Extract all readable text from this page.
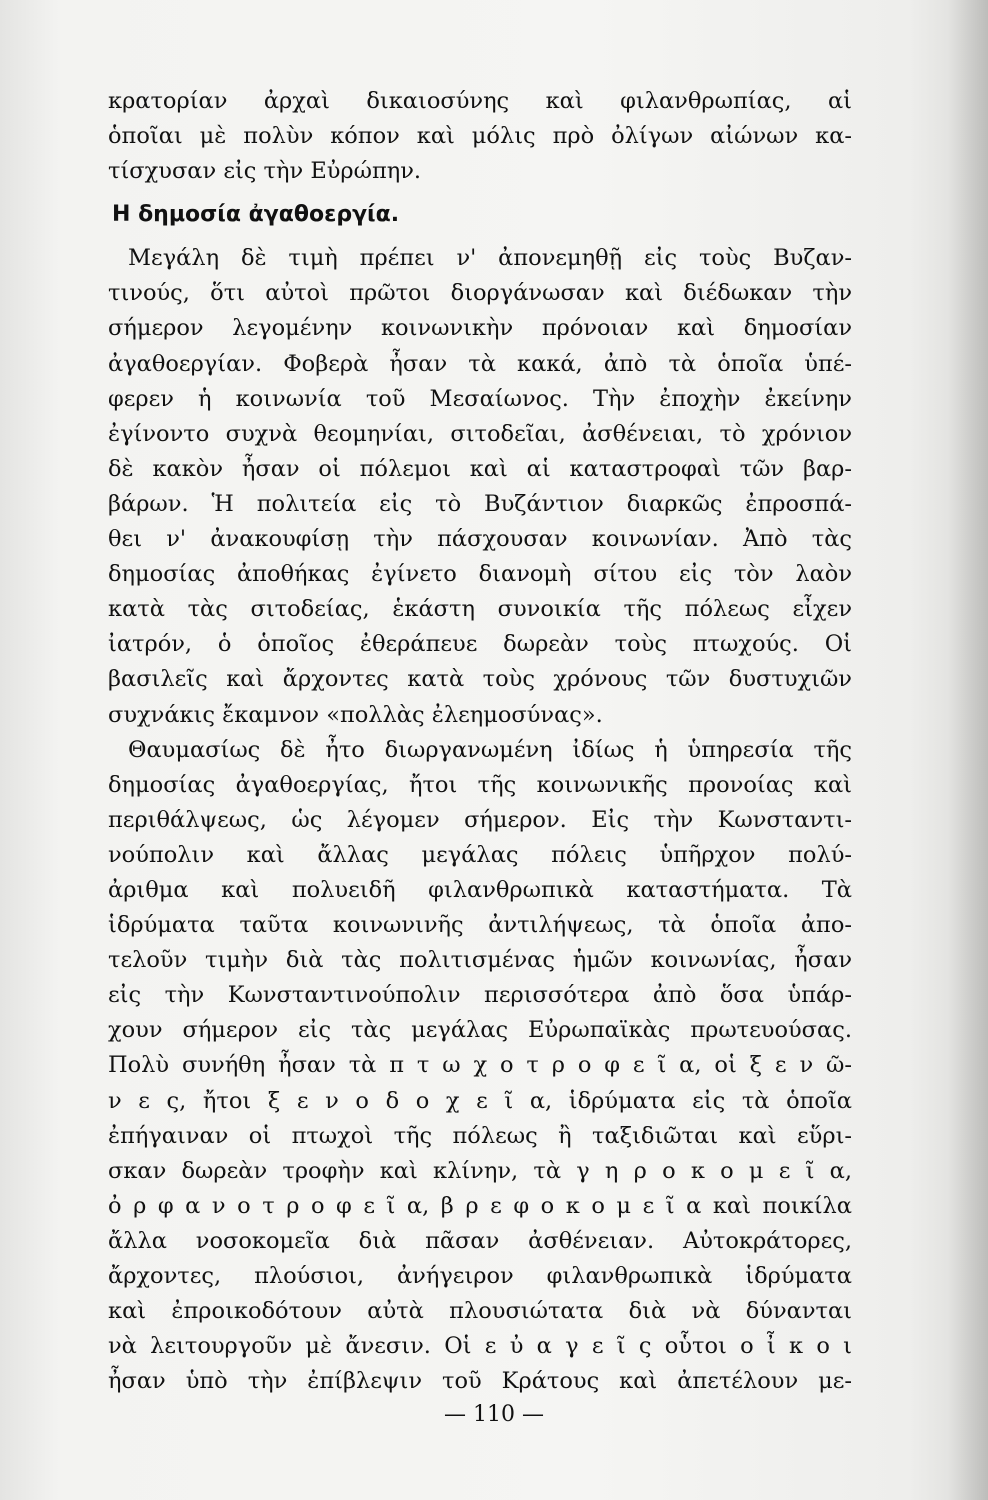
κρατορίαν ἀρχαὶ δικαιοσύνης καὶ φιλανθρωπίας, αἱ
ὁποῖαι μὲ πολὺν κόπον καὶ μόλις πρὸ ὀλίγων αἰώνων κα-
τίσχυσαν εἰς τὴν Εὐρώπην.
Η δημοσία ἀγαθοεργία.
Μεγάλη δὲ τιμὴ πρέπει ν' ἀπονεμηθῇ εἰς τοὺς Βυζαν-
τινούς, ὅτι αὐτοὶ πρῶτοι διοργάνωσαν καὶ διέδωκαν τὴν
σήμερον λεγομένην κοινωνικὴν πρόνοιαν καὶ δημοσίαν
ἀγαθοεργίαν. Φοβερὰ ἦσαν τὰ κακά, ἀπὸ τὰ ὁποῖα ὑπέ-
φερεν ἡ κοινωνία τοῦ Μεσαίωνος. Τὴν ἐποχὴν ἐκείνην
ἐγίνοντο συχνὰ θεομηνίαι, σιτοδεῖαι, ἀσθένειαι, τὸ χρόνιον
δὲ κακὸν ἦσαν οἱ πόλεμοι καὶ αἱ καταστροφαὶ τῶν βαρ-
βάρων. Ἡ πολιτεία εἰς τὸ Βυζάντιον διαρκῶς ἐπροσπά-
θει ν' ἀνακουφίσῃ τὴν πάσχουσαν κοινωνίαν. Ἀπὸ τὰς
δημοσίας ἀποθήκας ἐγίνετο διανομὴ σίτου εἰς τὸν λαὸν
κατὰ τὰς σιτοδείας, ἑκάστη συνοικία τῆς πόλεως εἶχεν
ἰατρόν, ὁ ὁποῖος ἐθεράπευε δωρεὰν τοὺς πτωχούς. Οἱ
βασιλεῖς καὶ ἄρχοντες κατὰ τοὺς χρόνους τῶν δυστυχιῶν
συχνάκις ἔκαμνον «πολλὰς ἐλεημοσύνας».
Θαυμασίως δὲ ἦτο διωργανωμένη ἰδίως ἡ ὑπηρεσία τῆς
δημοσίας ἀγαθοεργίας, ἤτοι τῆς κοινωνικῆς προνοίας καὶ
περιθάλψεως, ὡς λέγομεν σήμερον. Εἰς τὴν Κωνσταντι-
νούπολιν καὶ ἄλλας μεγάλας πόλεις ὑπῆρχον πολύ-
ἀριθμα καὶ πολυειδῆ φιλανθρωπικὰ καταστήματα. Τὰ
ἱδρύματα ταῦτα κοινωνινῆς ἀντιλήψεως, τὰ ὁποῖα ἀπο-
τελοῦν τιμὴν διὰ τὰς πολιτισμένας ἡμῶν κοινωνίας, ἦσαν
εἰς τὴν Κωνσταντινούπολιν περισσότερα ἀπὸ ὅσα ὑπάρ-
χουν σήμερον εἰς τὰς μεγάλας Εὐρωπαϊκὰς πρωτευούσας.
Πολὺ συνήθη ἦσαν τὰ π τ ω χ ο τ ρ ο φ ε ῖ α, οἱ ξ ε ν ῶ-
ν ε ς, ἤτοι ξ ε ν ο δ ο χ ε ῖ α, ἱδρύματα εἰς τὰ ὁποῖα
ἐπήγαιναν οἱ πτωχοὶ τῆς πόλεως ἢ ταξιδιῶται καὶ εὕρι-
σκαν δωρεὰν τροφὴν καὶ κλίνην, τὰ γ η ρ ο κ ο μ ε ῖ α,
ὀ ρ φ α ν ο τ ρ ο φ ε ῖ α, β ρ ε φ ο κ ο μ ε ῖ α καὶ ποικίλα
ἄλλα νοσοκομεῖα διὰ πᾶσαν ἀσθένειαν. Αὐτοκράτορες,
ἄρχοντες, πλούσιοι, ἀνήγειρον φιλανθρωπικὰ ἱδρύματα
καὶ ἐπροικοδότουν αὐτὰ πλουσιώτατα διὰ νὰ δύνανται
νὰ λειτουργοῦν μὲ ἄνεσιν. Οἱ ε ὐ α γ ε ῖ ς οὗτοι ο ἶ κ ο ι
ἦσαν ὑπὸ τὴν ἐπίβλεψιν τοῦ Κράτους καὶ ἀπετέλουν με-
— 110 —
